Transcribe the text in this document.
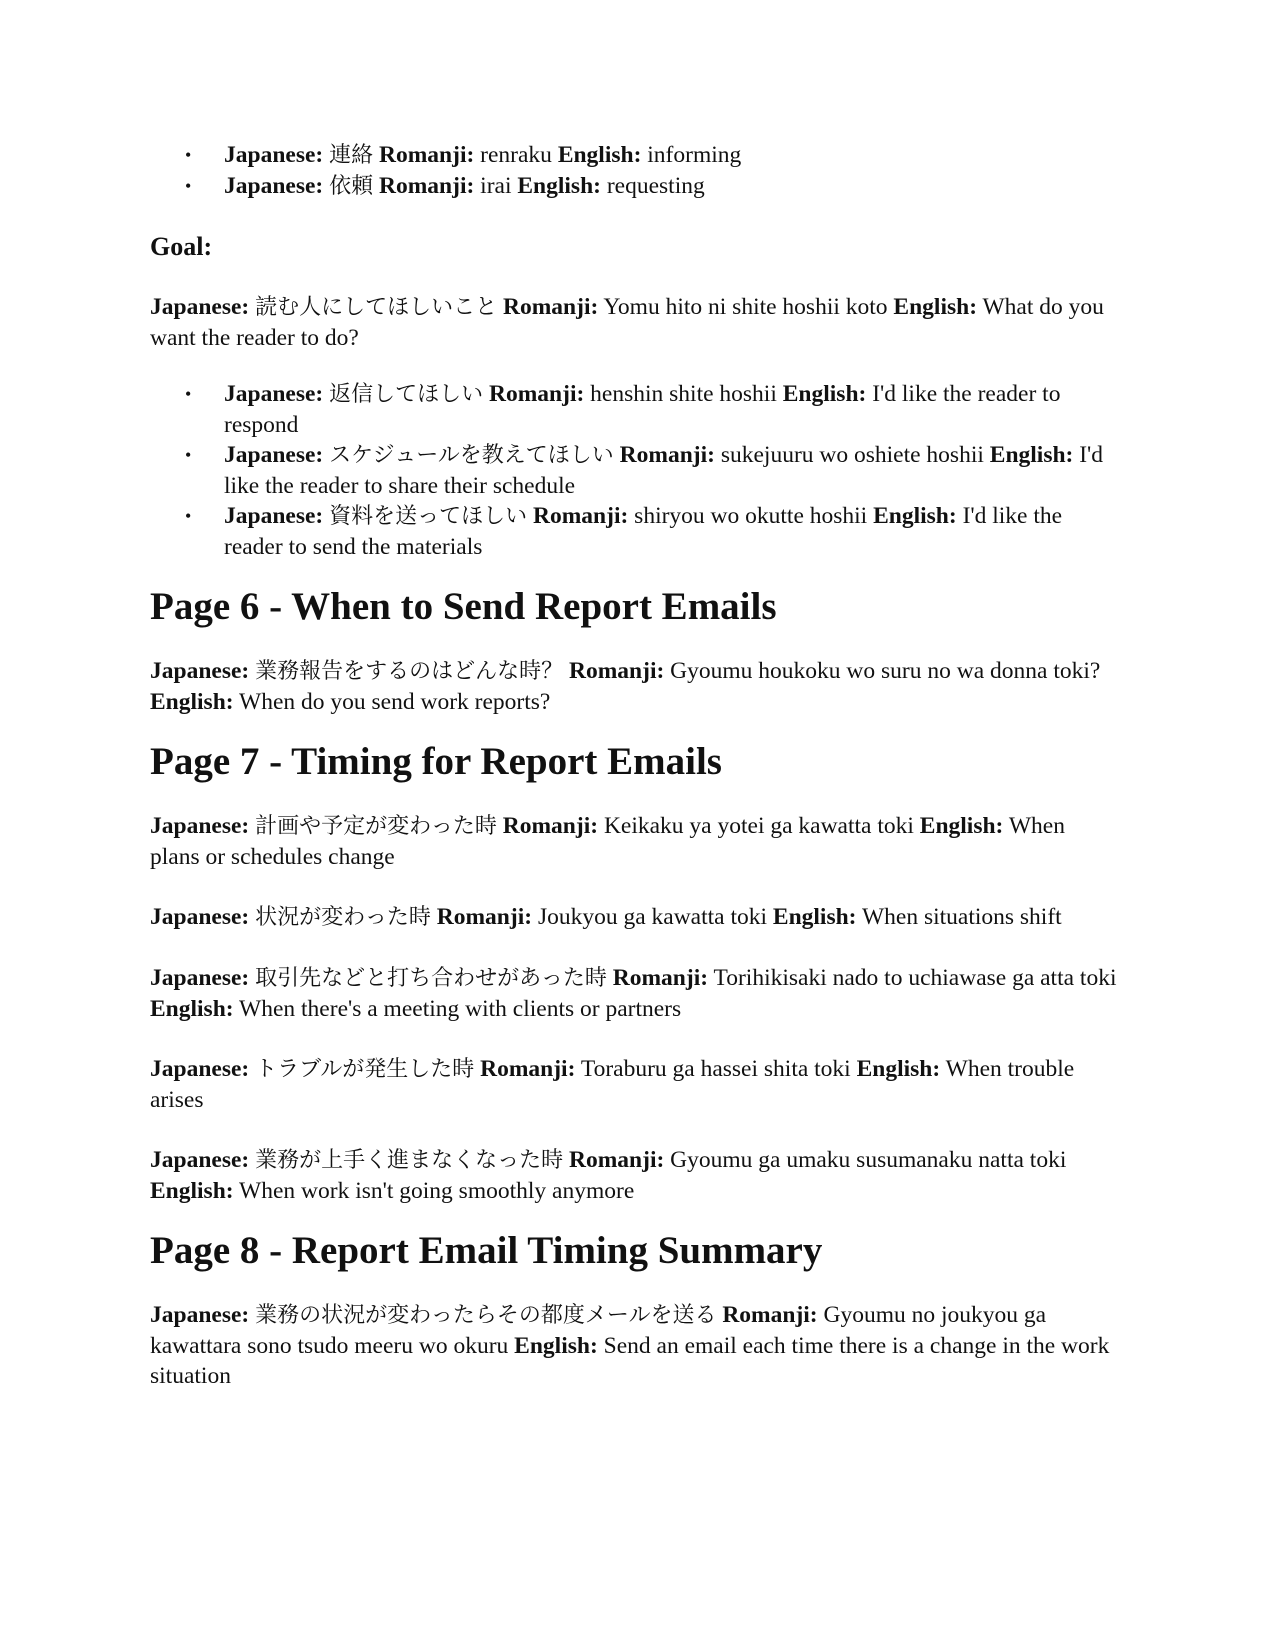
• Japanese: 連絡 Romanji: renraku English: informing
• Japanese: 依頼 Romanji: irai English: requesting

Goal:

Japanese: 読む人にしてほしいこと Romanji: Yomu hito ni shite hoshii koto English: What do you want the reader to do?

• Japanese: 返信してほしい Romanji: henshin shite hoshii English: I'd like the reader to respond
• Japanese: スケジュールを教えてほしい Romanji: sukejuuru wo oshiete hoshii English: I'd like the reader to share their schedule
• Japanese: 資料を送ってほしい Romanji: shiryou wo okutte hoshii English: I'd like the reader to send the materials
Page 6 - When to Send Report Emails

Japanese: 業務報告をするのはどんな時？ Romanji: Gyoumu houkoku wo suru no wa donna toki? English: When do you send work reports?

Page 7 - Timing for Report Emails

Japanese: 計画や予定が変わった時 Romanji: Keikaku ya yotei ga kawatta toki English: When plans or schedules change

Japanese: 状況が変わった時 Romanji: Joukyou ga kawatta toki English: When situations shift

Japanese: 取引先などと打ち合わせがあった時 Romanji: Torihikisaki nado to uchiawase ga atta toki English: When there's a meeting with clients or partners

Japanese: トラブルが発生した時 Romanji: Toraburu ga hassei shita toki English: When trouble arises

Japanese: 業務が上手く進まなくなった時 Romanji: Gyoumu ga umaku susumanaku natta toki English: When work isn't going smoothly anymore

Page 8 - Report Email Timing Summary

Japanese: 業務の状況が変わったらその都度メールを送る Romanji: Gyoumu no joukyou ga kawattara sono tsudo meeru wo okuru English: Send an email each time there is a change in the work situation
